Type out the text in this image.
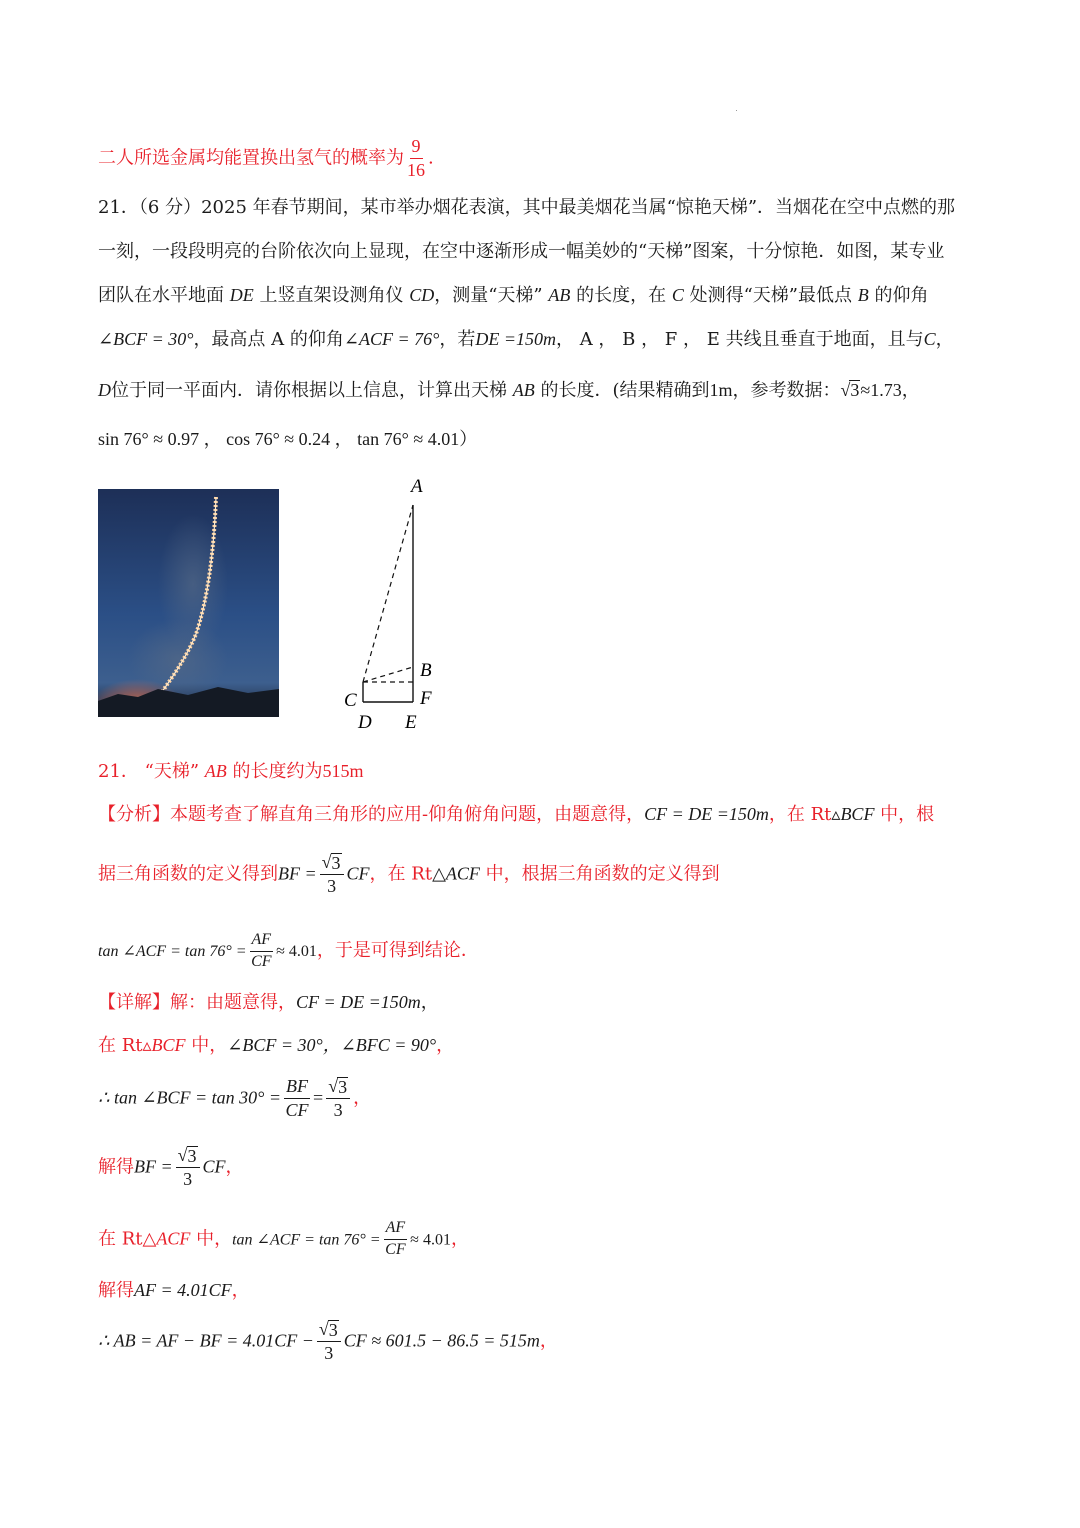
二人所选金属均能置换出氢气的概率为 $\frac{9}{16}$ .
21．（6 分）2025 年春节期间，某市举办烟花表演，其中最美烟花当属“惊艳天梯”．当烟花在空中点燃的那
一刻，一段段明亮的台阶依次向上显现，在空中逐渐形成一幅美妙的“天梯”图案，十分惊艳．如图，某专业
团队在水平地面 DE 上竖直架设测角仪 CD，测量“天梯” AB 的长度，在 C 处测得“天梯”最低点 B 的仰角
∠BCF = 30°，最高点 A 的仰角∠ACF = 76°，若DE =150m， A ， B ， F ， E 共线且垂直于地面，且与C，
D位于同一平面内．请你根据以上信息，计算出天梯 AB 的长度．(结果精确到1m，参考数据： √ 3 ≈1.73，
sin 76° ≈ 0.97 ， cos 76° ≈ 0.24 ， tan 76° ≈ 4.01）
A
B
C	F
D E
21． “天梯” AB 的长度约为515m
【分析】本题考查了解直角三角形的应用-仰角俯角问题，由题意得，CF = DE =150m，在 Rt▵BCF 中，根
据三角函数的定义得到BF = $\frac{√ 3}{3}$ CF，在 Rt△ACF 中，根据三角函数的定义得到
tan ∠ACF = $\tan 76^\circ = \frac{AF}{CF} \approx 4.01$，于是可得到结论．
【详解】解：由题意得，CF = DE =150m，
在 Rt▵BCF 中，∠BCF = 30°，∠BFC = 90°，
∴ tan ∠BCF = $\tan 30^\circ = \frac{BF}{CF} = \frac{√ 3}{3}$ ，
解得BF = $\frac{√ 3}{3}$ CF，
在 Rt△ACF 中，tan ∠ACF = $\tan 76^\circ = \frac{AF}{CF} \approx 4.01$，
解得AF = 4.01CF，
∴ AB = AF − BF = $4.01CF - \frac{√ 3}{3}$ CF ≈ 601.5 − 86.5 = 515m，
